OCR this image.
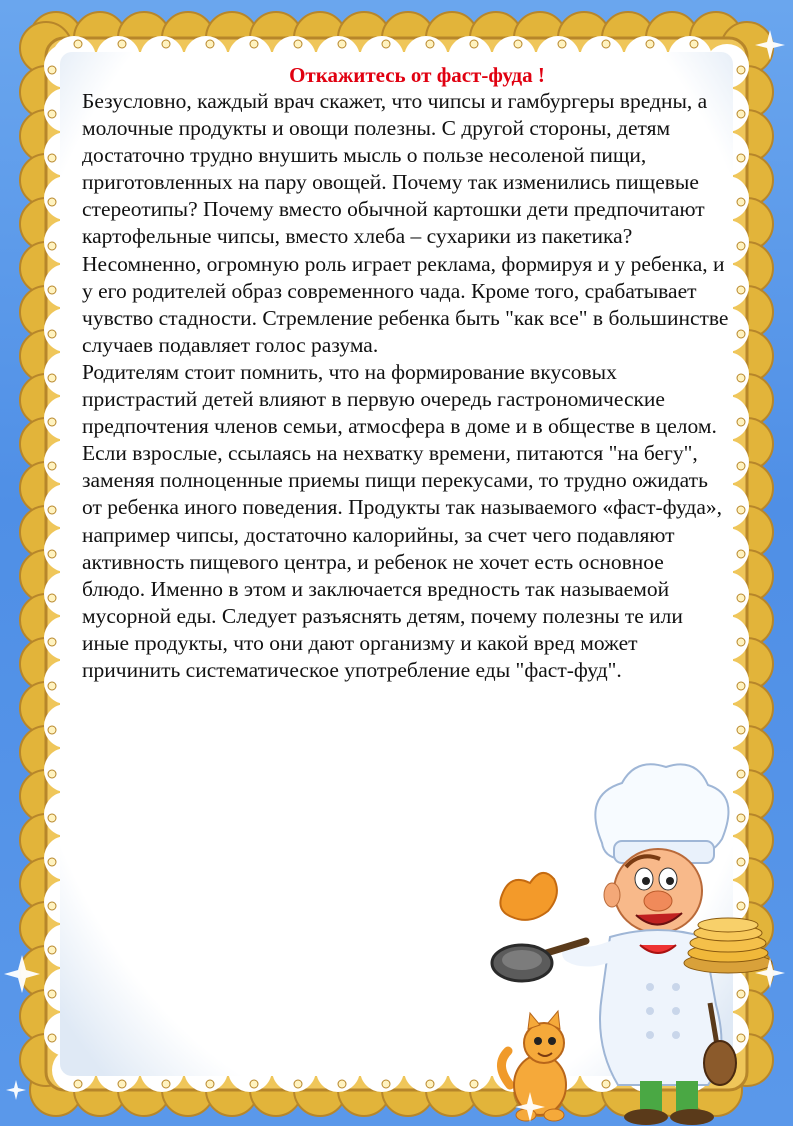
Откажитесь от фаст-фуда !

Безусловно, каждый врач скажет, что чипсы и гамбургеры вредны, а молочные продукты и овощи полезны. С другой стороны, детям достаточно трудно внушить мысль о пользе несоленой пищи, приготовленных на пару овощей. Почему так изменились пищевые стереотипы? Почему вместо обычной картошки дети предпочитают картофельные чипсы, вместо хлеба – сухарики из пакетика? Несомненно, огромную роль играет реклама, формируя и у ребенка, и у его родителей образ современного чада. Кроме того, срабатывает чувство стадности. Стремление ребенка быть "как все" в большинстве случаев подавляет голос разума.

Родителям стоит помнить, что на формирование вкусовых пристрастий детей влияют в первую очередь гастрономические предпочтения членов семьи, атмосфера в доме и в обществе в целом. Если взрослые, ссылаясь на нехватку времени, питаются "на бегу", заменяя полноценные приемы пищи перекусами, то трудно ожидать от ребенка иного поведения. Продукты так называемого «фаст-фуда», например чипсы, достаточно калорийны, за счет чего подавляют активность пищевого центра, и ребенок не хочет есть основное блюдо. Именно в этом и заключается вредность так называемой мусорной еды. Следует разъяснять детям, почему полезны те или иные продукты, что они дают организму и какой вред может причинить систематическое употребление еды "фаст-фуд".
